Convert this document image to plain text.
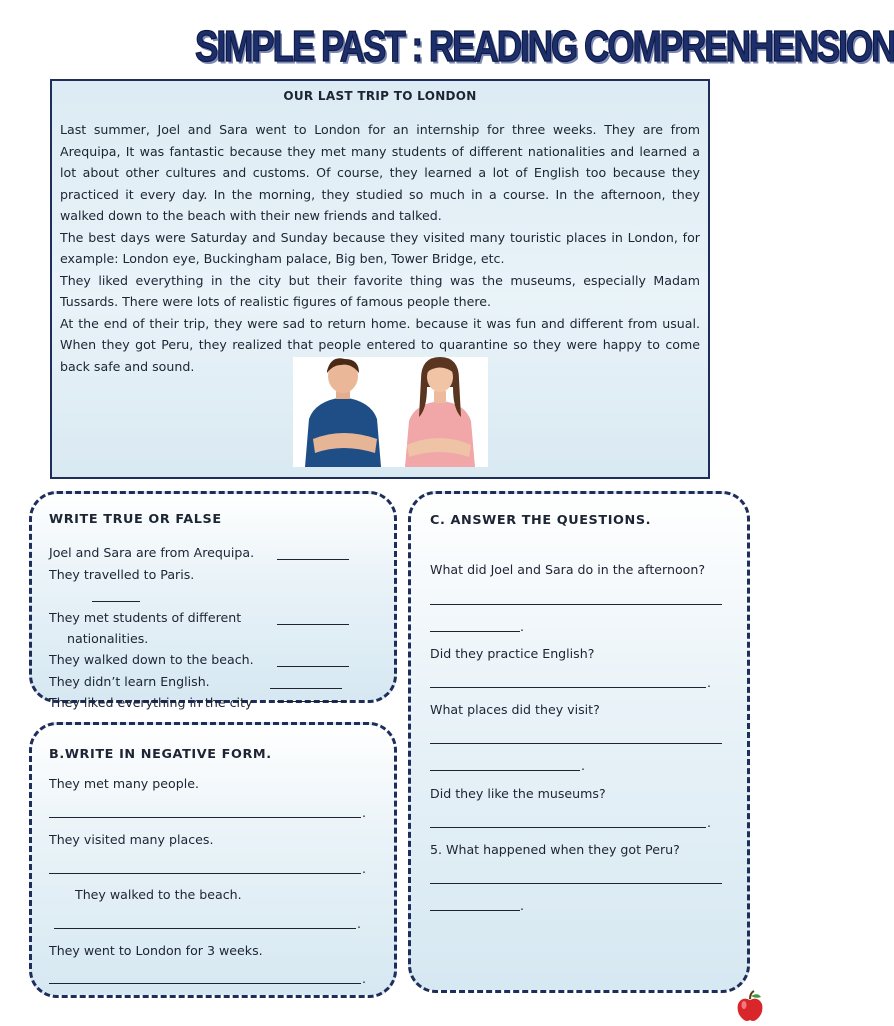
SIMPLE PAST : READING COMPRENHENSION
OUR LAST TRIP TO LONDON

Last summer, Joel and Sara went to London for an internship for three weeks. They are from Arequipa, It was fantastic because they met many students of different nationalities and learned a lot about other cultures and customs. Of course, they learned a lot of English too because they practiced it every day. In the morning, they studied so much in a course. In the afternoon, they walked down to the beach with their new friends and talked.

The best days were Saturday and Sunday because they visited many touristic places in London, for example: London eye, Buckingham palace, Big ben, Tower Bridge, etc.

They liked everything in the city but their favorite thing was the museums, especially Madam Tussards. There were lots of realistic figures of famous people there.

At the end of their trip, they were sad to return home. because it was fun and different from usual. When they got Peru, they realized that people entered to quarantine so they were happy to come back safe and sound.

WRITE TRUE OR FALSE
Joel and Sara are from Arequipa.
They travelled to Paris.
They met students of different
nationalities.
They walked down to the beach.
They didn’t learn English.
They liked everything in the city
B.WRITE IN NEGATIVE FORM.
They met many people.
.
They visited many places.
.
They walked to the beach.
.
They went to London for 3 weeks.
.
C. ANSWER THE QUESTIONS.
What did Joel and Sara do in the afternoon?
.
Did they practice English?
.
What places did they visit?
.
Did they like the museums?
.
5. What happened when they got Peru?
.
